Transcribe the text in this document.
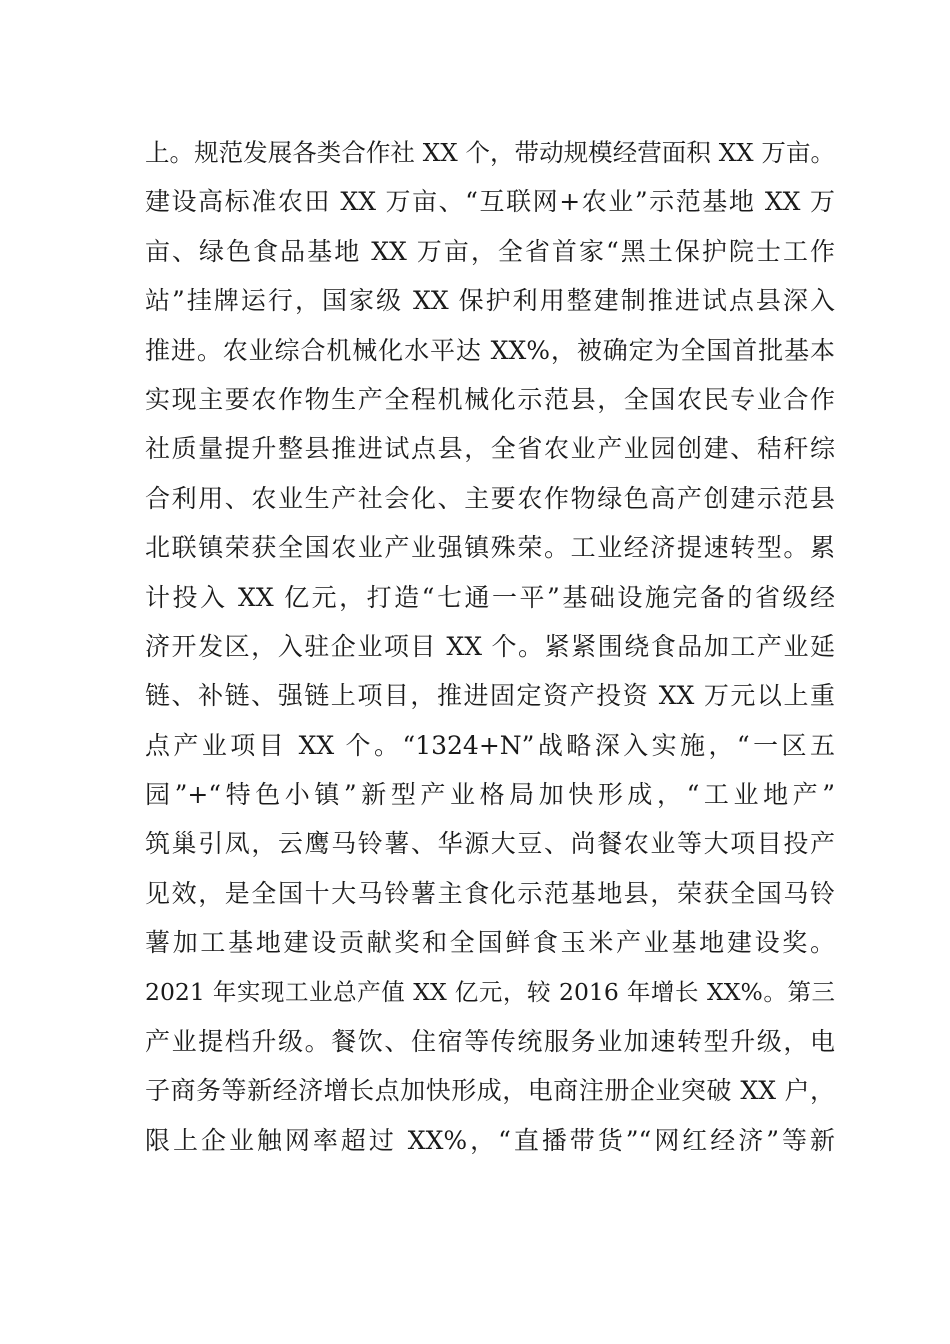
上。规范发展各类合作社 XX 个，带动规模经营面积 XX 万亩。
建设高标准农田 XX 万亩、“互联网+农业”示范基地 XX 万
亩、绿色食品基地 XX 万亩，全省首家“黑土保护院士工作
站”挂牌运行，国家级 XX 保护利用整建制推进试点县深入
推进。农业综合机械化水平达 XX%，被确定为全国首批基本
实现主要农作物生产全程机械化示范县，全国农民专业合作
社质量提升整县推进试点县，全省农业产业园创建、秸秆综
合利用、农业生产社会化、主要农作物绿色高产创建示范县
北联镇荣获全国农业产业强镇殊荣。工业经济提速转型。累
计投入 XX 亿元，打造“七通一平”基础设施完备的省级经
济开发区，入驻企业项目 XX 个。紧紧围绕食品加工产业延
链、补链、强链上项目，推进固定资产投资 XX 万元以上重
点产业项目 XX 个。“1324+N”战略深入实施，“一区五
园”+“特色小镇”新型产业格局加快形成，“工业地产”
筑巢引凤，云鹰马铃薯、华源大豆、尚餐农业等大项目投产
见效，是全国十大马铃薯主食化示范基地县，荣获全国马铃
薯加工基地建设贡献奖和全国鲜食玉米产业基地建设奖。
2021 年实现工业总产值 XX 亿元，较 2016 年增长 XX%。第三
产业提档升级。餐饮、住宿等传统服务业加速转型升级，电
子商务等新经济增长点加快形成，电商注册企业突破 XX 户，
限上企业触网率超过 XX%，“直播带货”“网红经济”等新
